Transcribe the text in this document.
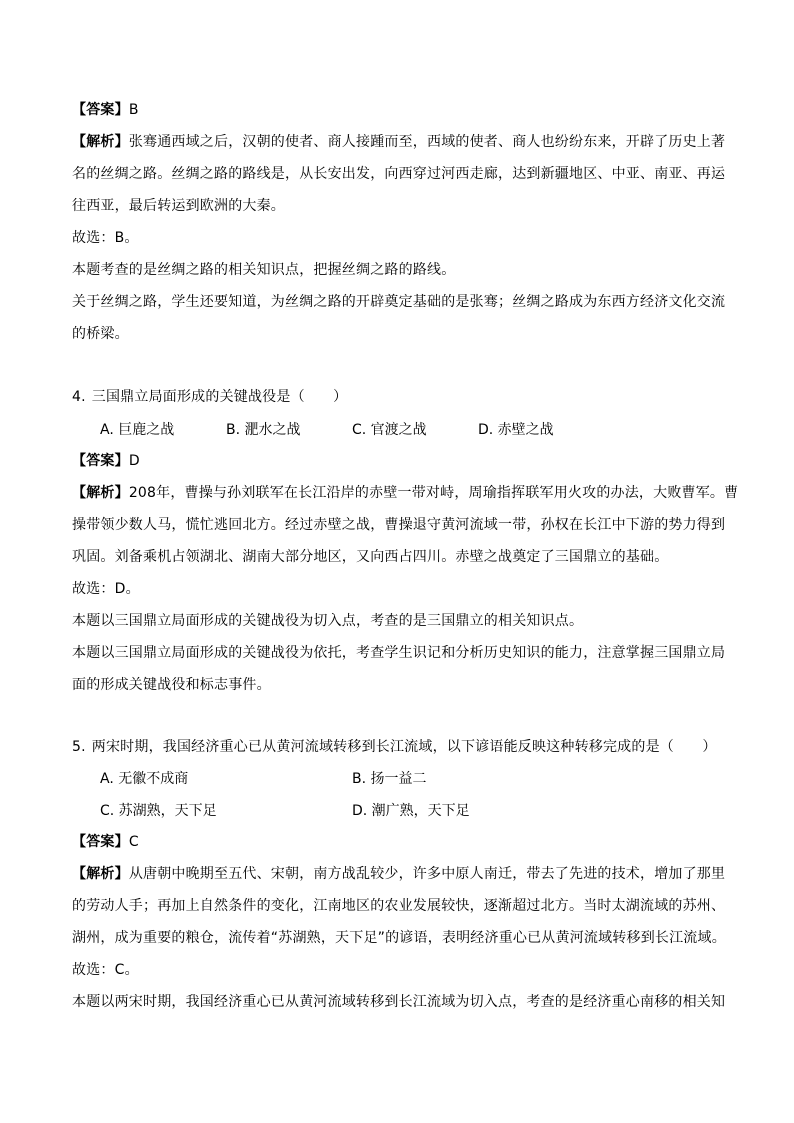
【答案】B
【解析】张骞通西域之后，汉朝的使者、商人接踵而至，西域的使者、商人也纷纷东来，开辟了历史上著
名的丝绸之路。丝绸之路的路线是，从长安出发，向西穿过河西走廊，达到新疆地区、中亚、南亚、再运
往西亚，最后转运到欧洲的大秦。
故选：B。
本题考查的是丝绸之路的相关知识点，把握丝绸之路的路线。
关于丝绸之路，学生还要知道，为丝绸之路的开辟奠定基础的是张骞；丝绸之路成为东西方经济文化交流
的桥梁。
4. 三国鼎立局面形成的关键战役是（　　）
A. 巨鹿之战	B. 淝水之战	C. 官渡之战	D. 赤壁之战
【答案】D
【解析】208年，曹操与孙刘联军在长江沿岸的赤壁一带对峙，周瑜指挥联军用火攻的办法，大败曹军。曹
操带领少数人马，慌忙逃回北方。经过赤壁之战，曹操退守黄河流域一带，孙权在长江中下游的势力得到
巩固。刘备乘机占领湖北、湖南大部分地区，又向西占四川。赤壁之战奠定了三国鼎立的基础。
故选：D。
本题以三国鼎立局面形成的关键战役为切入点，考查的是三国鼎立的相关知识点。
本题以三国鼎立局面形成的关键战役为依托，考查学生识记和分析历史知识的能力，注意掌握三国鼎立局
面的形成关键战役和标志事件。
5. 两宋时期，我国经济重心已从黄河流域转移到长江流域，以下谚语能反映这种转移完成的是（　　）
A. 无徽不成商	B. 扬一益二
C. 苏湖熟，天下足	D. 潮广熟，天下足
【答案】C
【解析】从唐朝中晚期至五代、宋朝，南方战乱较少，许多中原人南迁，带去了先进的技术，增加了那里
的劳动人手；再加上自然条件的变化，江南地区的农业发展较快，逐渐超过北方。当时太湖流域的苏州、
湖州，成为重要的粮仓，流传着“苏湖熟，天下足”的谚语，表明经济重心已从黄河流域转移到长江流域。
故选：C。
本题以两宋时期，我国经济重心已从黄河流域转移到长江流域为切入点，考查的是经济重心南移的相关知
